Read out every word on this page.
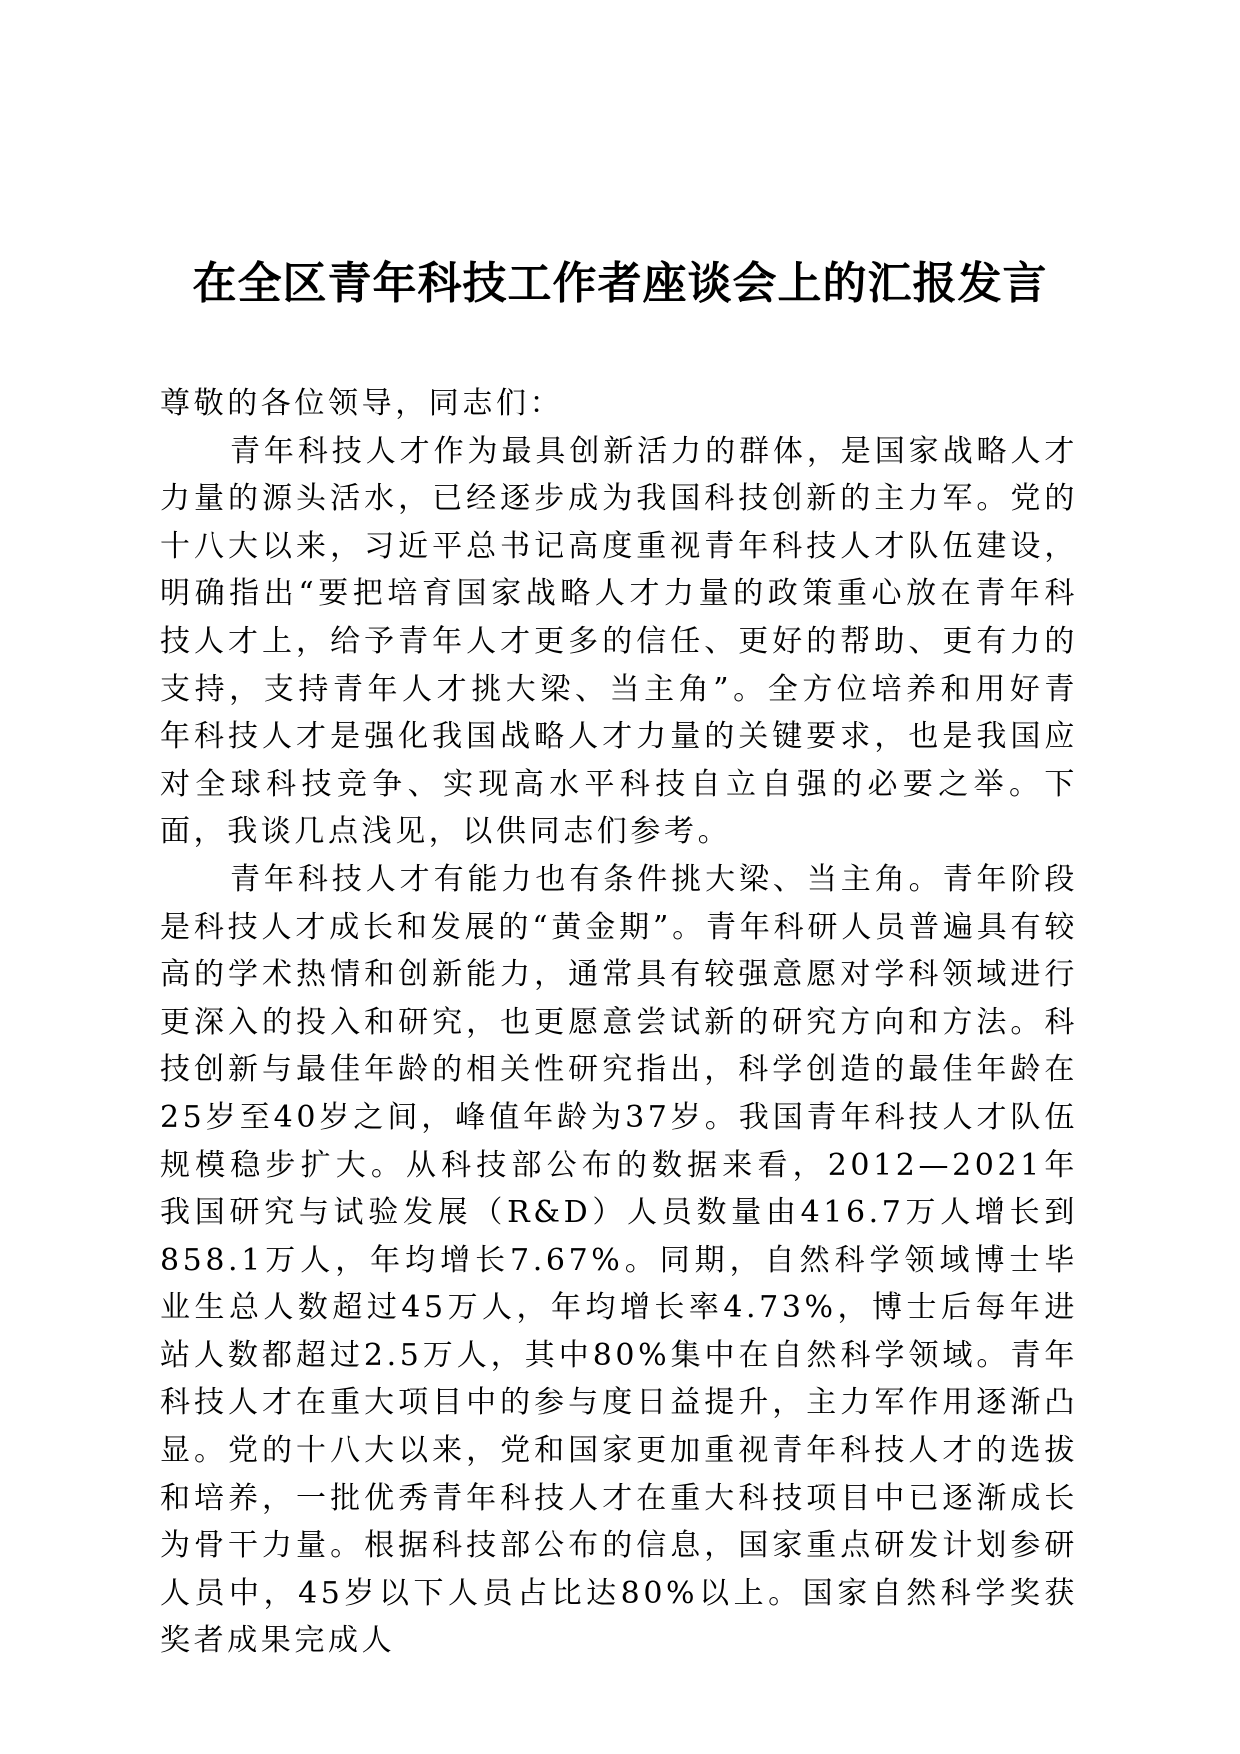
在全区青年科技工作者座谈会上的汇报发言

尊敬的各位领导，同志们：

青年科技人才作为最具创新活力的群体，是国家战略人才力量的源头活水，已经逐步成为我国科技创新的主力军。党的十八大以来，习近平总书记高度重视青年科技人才队伍建设，明确指出“要把培育国家战略人才力量的政策重心放在青年科技人才上，给予青年人才更多的信任、更好的帮助、更有力的支持，支持青年人才挑大梁、当主角”。全方位培养和用好青年科技人才是强化我国战略人才力量的关键要求，也是我国应对全球科技竞争、实现高水平科技自立自强的必要之举。下面，我谈几点浅见，以供同志们参考。

青年科技人才有能力也有条件挑大梁、当主角。青年阶段是科技人才成长和发展的“黄金期”。青年科研人员普遍具有较高的学术热情和创新能力，通常具有较强意愿对学科领域进行更深入的投入和研究，也更愿意尝试新的研究方向和方法。科技创新与最佳年龄的相关性研究指出，科学创造的最佳年龄在25岁至40岁之间，峰值年龄为37岁。我国青年科技人才队伍规模稳步扩大。从科技部公布的数据来看，2012—2021年我国研究与试验发展（R&D）人员数量由416.7万人增长到858.1万人，年均增长7.67%。同期，自然科学领域博士毕业生总人数超过45万人，年均增长率4.73%，博士后每年进站人数都超过2.5万人，其中80%集中在自然科学领域。青年科技人才在重大项目中的参与度日益提升，主力军作用逐渐凸显。党的十八大以来，党和国家更加重视青年科技人才的选拔和培养，一批优秀青年科技人才在重大科技项目中已逐渐成长为骨干力量。根据科技部公布的信息，国家重点研发计划参研人员中，45岁以下人员占比达80%以上。国家自然科学奖获奖者成果完成人
